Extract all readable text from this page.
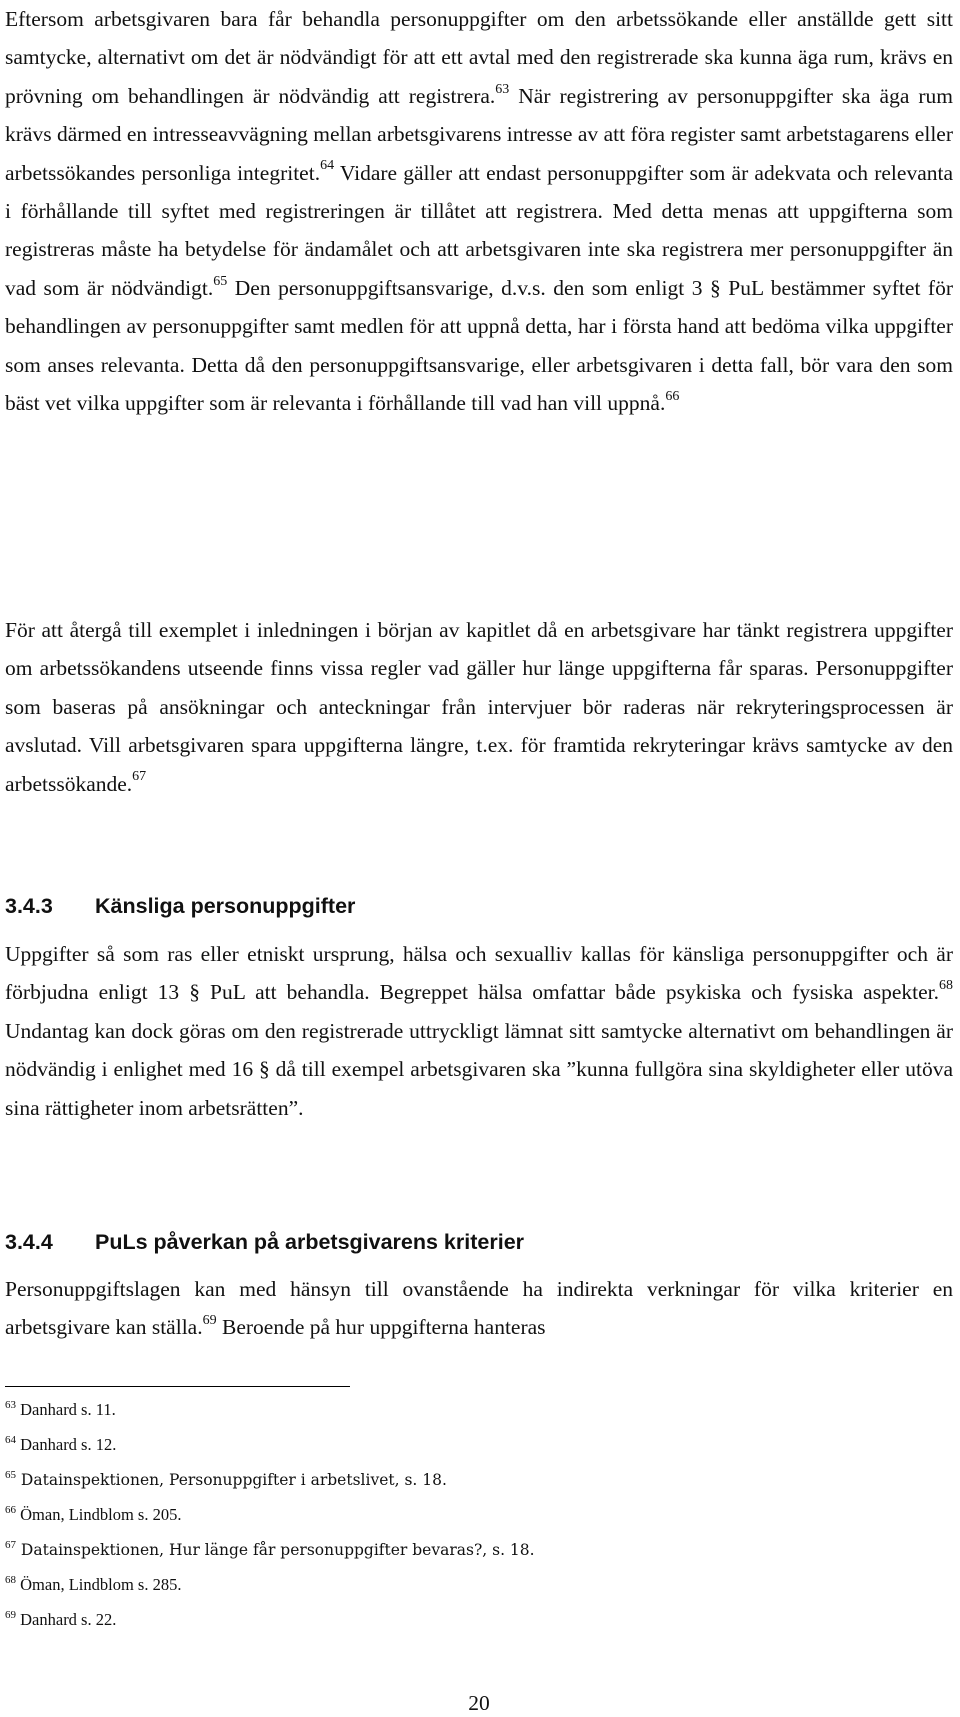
Eftersom arbetsgivaren bara får behandla personuppgifter om den arbetssökande eller anställde gett sitt samtycke, alternativt om det är nödvändigt för att ett avtal med den registrerade ska kunna äga rum, krävs en prövning om behandlingen är nödvändig att registrera.$^{63}$ När registrering av personuppgifter ska äga rum krävs därmed en intresseavvägning mellan arbetsgivarens intresse av att föra register samt arbetstagarens eller arbetssökandes personliga integritet.$^{64}$ Vidare gäller att endast personuppgifter som är adekvata och relevanta i förhållande till syftet med registreringen är tillåtet att registrera. Med detta menas att uppgifterna som registreras måste ha betydelse för ändamålet och att arbetsgivaren inte ska registrera mer personuppgifter än vad som är nödvändigt.$^{65}$ Den personuppgiftsansvarige, d.v.s. den som enligt 3 § PuL bestämmer syftet för behandlingen av personuppgifter samt medlen för att uppnå detta, har i första hand att bedöma vilka uppgifter som anses relevanta. Detta då den personuppgiftsansvarige, eller arbetsgivaren i detta fall, bör vara den som bäst vet vilka uppgifter som är relevanta i förhållande till vad han vill uppnå.$^{66}$

För att återgå till exemplet i inledningen i början av kapitlet då en arbetsgivare har tänkt registrera uppgifter om arbetssökandens utseende finns vissa regler vad gäller hur länge uppgifterna får sparas. Personuppgifter som baseras på ansökningar och anteckningar från intervjuer bör raderas när rekryteringsprocessen är avslutad. Vill arbetsgivaren spara uppgifterna längre, t.ex. för framtida rekryteringar krävs samtycke av den arbetssökande.$^{67}$

3.4.3 Känsliga personuppgifter

Uppgifter så som ras eller etniskt ursprung, hälsa och sexualliv kallas för känsliga personuppgifter och är förbjudna enligt 13 § PuL att behandla. Begreppet hälsa omfattar både psykiska och fysiska aspekter.$^{68}$ Undantag kan dock göras om den registrerade uttryckligt lämnat sitt samtycke alternativt om behandlingen är nödvändig i enlighet med 16 § då till exempel arbetsgivaren ska ”kunna fullgöra sina skyldigheter eller utöva sina rättigheter inom arbetsrätten”.

3.4.4 PuLs påverkan på arbetsgivarens kriterier

Personuppgiftslagen kan med hänsyn till ovanstående ha indirekta verkningar för vilka kriterier en arbetsgivare kan ställa.$^{69}$ Beroende på hur uppgifterna hanteras

$^{63}$ Danhard s. 11.
$^{64}$ Danhard s. 12.
$^{65}$ Datainspektionen, Personuppgifter i arbetslivet, s. 18.
$^{66}$ Öman, Lindblom s. 205.
$^{67}$ Datainspektionen, Hur länge får personuppgifter bevaras?, s. 18.
$^{68}$ Öman, Lindblom s. 285.
$^{69}$ Danhard s. 22.
20
